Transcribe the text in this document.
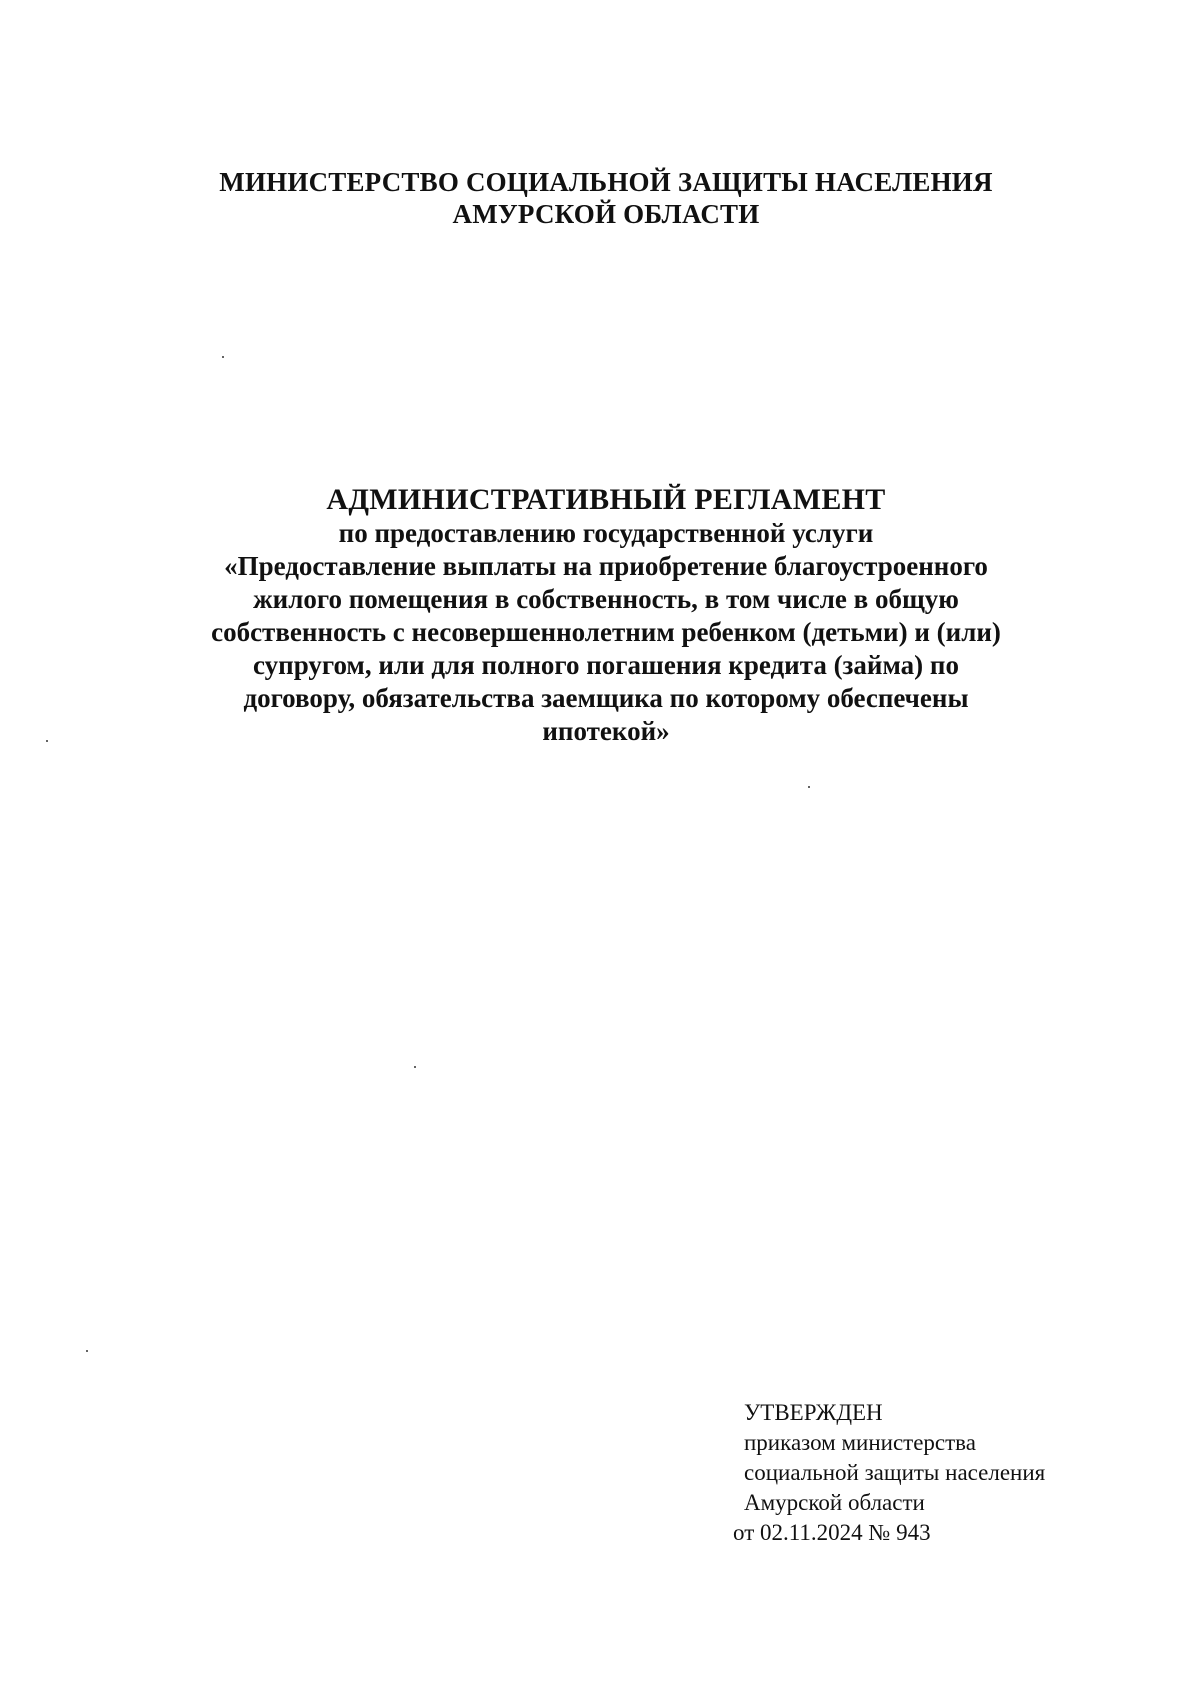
МИНИСТЕРСТВО СОЦИАЛЬНОЙ ЗАЩИТЫ НАСЕЛЕНИЯ
АМУРСКОЙ ОБЛАСТИ
АДМИНИСТРАТИВНЫЙ РЕГЛАМЕНТ
по предоставлению государственной услуги
«Предоставление выплаты на приобретение благоустроенного
жилого помещения в собственность, в том числе в общую
собственность с несовершеннолетним ребенком (детьми) и (или)
супругом, или для полного погашения кредита (займа) по
договору, обязательства заемщика по которому обеспечены
ипотекой»
УТВЕРЖДЕН
приказом министерства
социальной защиты населения
Амурской области
от 02.11.2024 № 943
